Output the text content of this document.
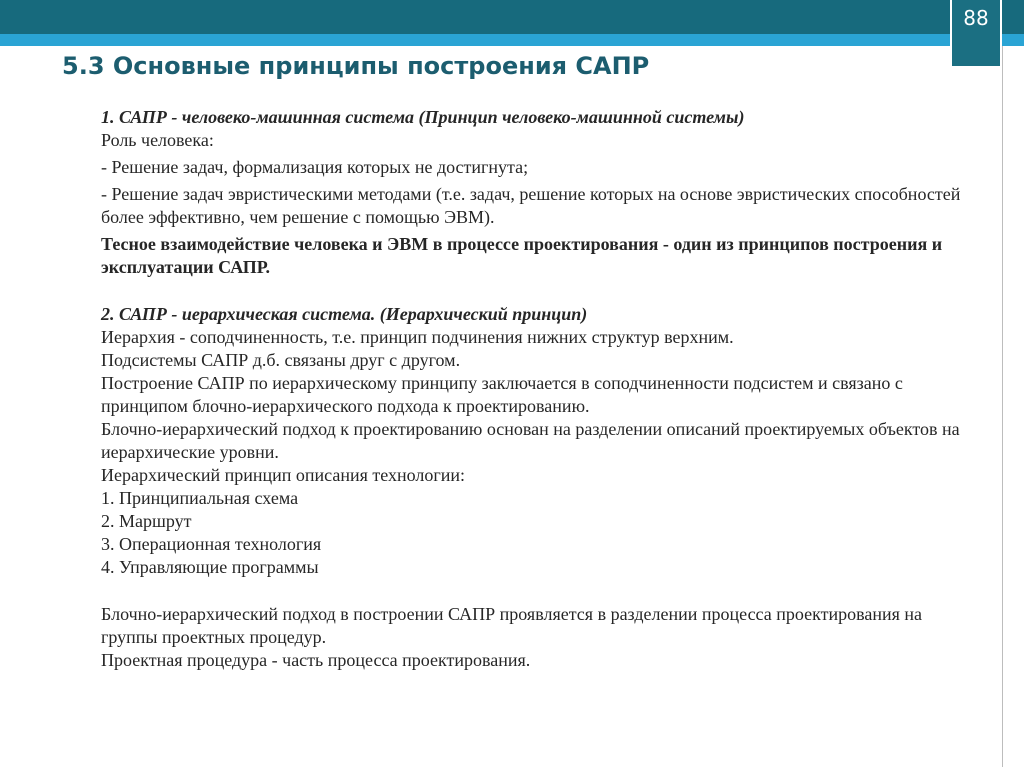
88
5.3 Основные принципы построения САПР

1. САПР - человеко-машинная система (Принцип человеко-машинной системы)

Роль человека:

- Решение задач, формализация которых не достигнута;

- Решение задач эвристическими методами (т.е. задач, решение которых на основе эвристических способностей более эффективно, чем решение с помощью ЭВМ).

Тесное взаимодействие человека и ЭВМ в процессе проектирования - один из принципов построения и эксплуатации САПР.

2. САПР - иерархическая система. (Иерархический принцип)

Иерархия - соподчиненность, т.е. принцип подчинения нижних структур верхним.

Подсистемы САПР д.б. связаны друг с другом.

Построение САПР по иерархическому принципу заключается в соподчиненности подсистем и связано с принципом блочно-иерархического подхода к проектированию.

Блочно-иерархический подход к проектированию основан на разделении описаний проектируемых объектов на иерархические уровни.

Иерархический принцип описания технологии:

1. Принципиальная схема

2. Маршрут

3. Операционная технология

4. Управляющие программы

Блочно-иерархический подход в построении САПР проявляется в разделении процесса проектирования на группы проектных процедур.

Проектная процедура - часть процесса проектирования.
